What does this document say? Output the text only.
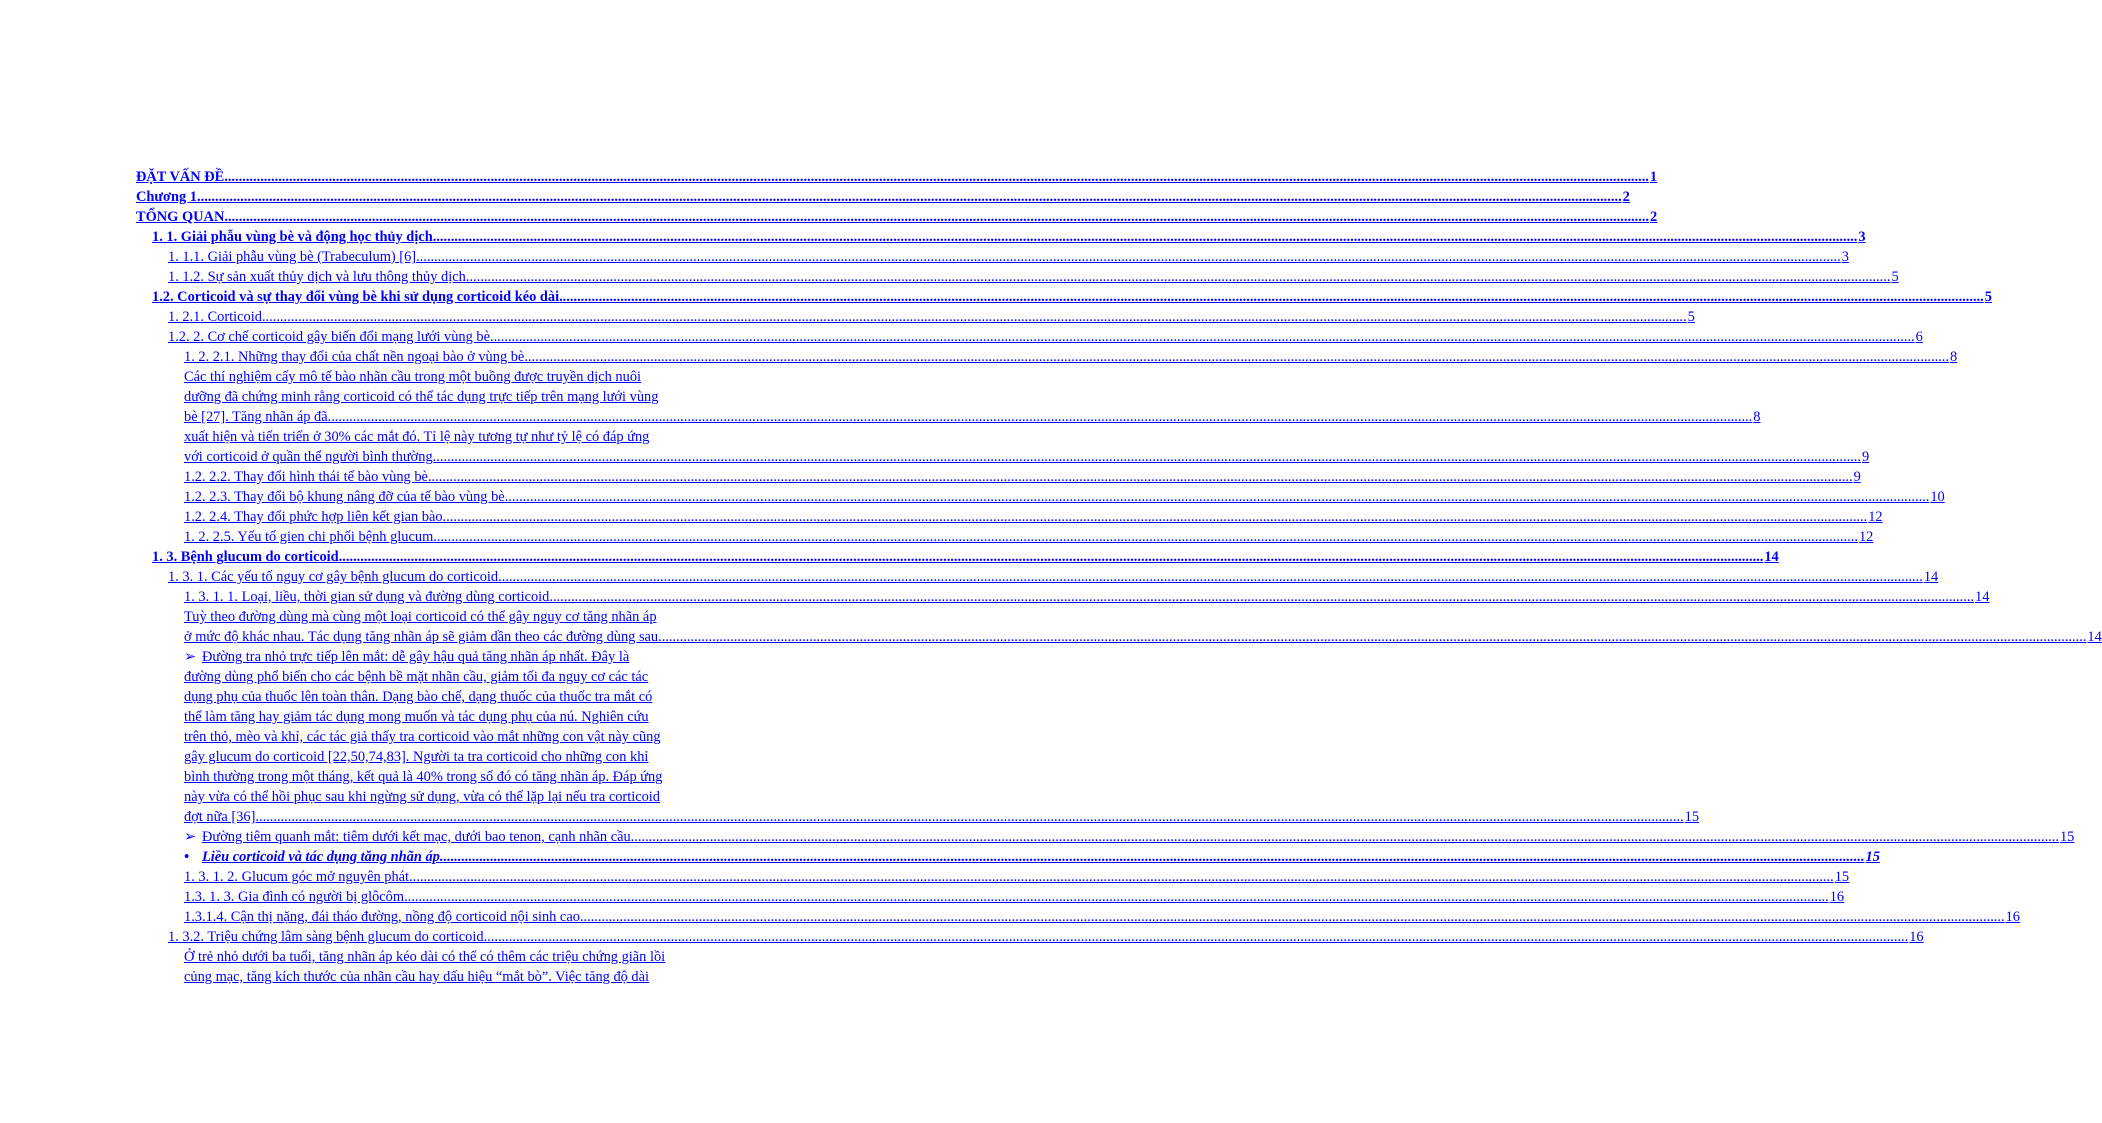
ĐẶT VẤN ĐỀ ............................................................................................................................................................................................................................................................................................................................................................................................................ 1
Chương 1 ............................................................................................................................................................................................................................................................................................................................................................................................................ 2
TỔNG QUAN ............................................................................................................................................................................................................................................................................................................................................................................................................ 2
1. 1. Giải phẫu vùng bè và động học thủy dịch ............................................................................................................................................................................................................................................................................................................................................................................................................ 3
1. 1.1. Giải phẫu vùng bè (Trabeculum) [6] ............................................................................................................................................................................................................................................................................................................................................................................................................ 3
1. 1.2. Sự sản xuất thủy dịch và lưu thông thủy dịch ............................................................................................................................................................................................................................................................................................................................................................................................................ 5
1.2. Corticoid và sự thay đổi vùng bè khi sử dụng corticoid kéo dài ............................................................................................................................................................................................................................................................................................................................................................................................................ 5
1. 2.1. Corticoid ............................................................................................................................................................................................................................................................................................................................................................................................................ 5
1.2. 2. Cơ chế corticoid gây biến đổi mạng lưới vùng bè ............................................................................................................................................................................................................................................................................................................................................................................................................ 6
1. 2. 2.1. Những thay đổi của chất nền ngoại bào ở vùng bè ............................................................................................................................................................................................................................................................................................................................................................................................................ 8
Các thí nghiệm cấy mô tế bào nhãn cầu trong một buồng được truyền dịch nuôi
dưỡng đã chứng minh rằng corticoid có thể tác dụng trực tiếp trên mạng lưới vùng
bè [27]. Tăng nhãn áp đã ............................................................................................................................................................................................................................................................................................................................................................................................................ 8
xuất hiện và tiến triển ở 30% các mắt đó. Tỉ lệ này tương tự như tỷ lệ có đáp ứng
với corticoid ở quần thể người bình thường. ............................................................................................................................................................................................................................................................................................................................................................................................................ 9
1.2. 2.2. Thay đổi hình thái tế bào vùng bè ............................................................................................................................................................................................................................................................................................................................................................................................................ 9
1.2. 2.3. Thay đổi bộ khung nâng đỡ của tế bào vùng bè ............................................................................................................................................................................................................................................................................................................................................................................................................ 10
1.2. 2.4. Thay đổi phức hợp liên kết gian bào ............................................................................................................................................................................................................................................................................................................................................................................................................ 12
1. 2. 2.5. Yếu tố gien chi phối bệnh glucum ............................................................................................................................................................................................................................................................................................................................................................................................................ 12
1. 3. Bệnh glucum do corticoid ............................................................................................................................................................................................................................................................................................................................................................................................................ 14
1. 3. 1. Các yếu tố nguy cơ gây bệnh glucum do corticoid ............................................................................................................................................................................................................................................................................................................................................................................................................ 14
1. 3. 1. 1. Loại, liều, thời gian sử dụng và đường dùng corticoid ............................................................................................................................................................................................................................................................................................................................................................................................................ 14
Tuỳ theo đường dùng mà cùng một loại corticoid có thể gây nguy cơ tăng nhãn áp
ở mức độ khác nhau. Tác dụng tăng nhãn áp sẽ giảm dần theo các đường dùng sau. ............................................................................................................................................................................................................................................................................................................................................................................................................ 14
➢ Đường tra nhỏ trực tiếp lên mắt: dễ gây hậu quả tăng nhãn áp nhất. Đây là
đường dùng phổ biến cho các bệnh bề mặt nhãn cầu, giảm tối đa nguy cơ các tác
dụng phụ của thuốc lên toàn thân. Dạng bào chế, dạng thuốc của thuốc tra mắt có
thể làm tăng hay giảm tác dụng mong muốn và tác dụng phụ của nú. Nghiên cứu
trên thỏ, mèo và khỉ, các tác giả thấy tra corticoid vào mắt những con vật này cũng
gây glucum do corticoid [22,50,74,83]. Người ta tra corticoid cho những con khỉ
bình thường trong một tháng, kết quả là 40% trong số đó có tăng nhãn áp. Đáp ứng
này vừa có thể hồi phục sau khi ngừng sử dụng, vừa có thể lặp lại nếu tra corticoid
đợt nữa [36]. ............................................................................................................................................................................................................................................................................................................................................................................................................ 15
➢ Đường tiêm quanh mắt: tiêm dưới kết mạc, dưới bao tenon, cạnh nhãn cầu. ............................................................................................................................................................................................................................................................................................................................................................................................................ 15
• Liều corticoid và tác dụng tăng nhãn áp ............................................................................................................................................................................................................................................................................................................................................................................................................ 15
1. 3. 1. 2. Glucum góc mở nguyên phát ............................................................................................................................................................................................................................................................................................................................................................................................................ 15
1.3. 1. 3. Gia đình có người bị glôcôm ............................................................................................................................................................................................................................................................................................................................................................................................................ 16
1.3.1.4. Cận thị nặng, đái tháo đường, nồng độ corticoid nội sinh cao ............................................................................................................................................................................................................................................................................................................................................................................................................ 16
1. 3.2. Triệu chứng lâm sàng bệnh glucum do corticoid ............................................................................................................................................................................................................................................................................................................................................................................................................ 16
Ở trẻ nhỏ dưới ba tuổi, tăng nhãn áp kéo dài có thể có thêm các triệu chứng giãn lồi
củng mạc, tăng kích thước của nhãn cầu hay dấu hiệu “mắt bò”. Việc tăng độ dài
